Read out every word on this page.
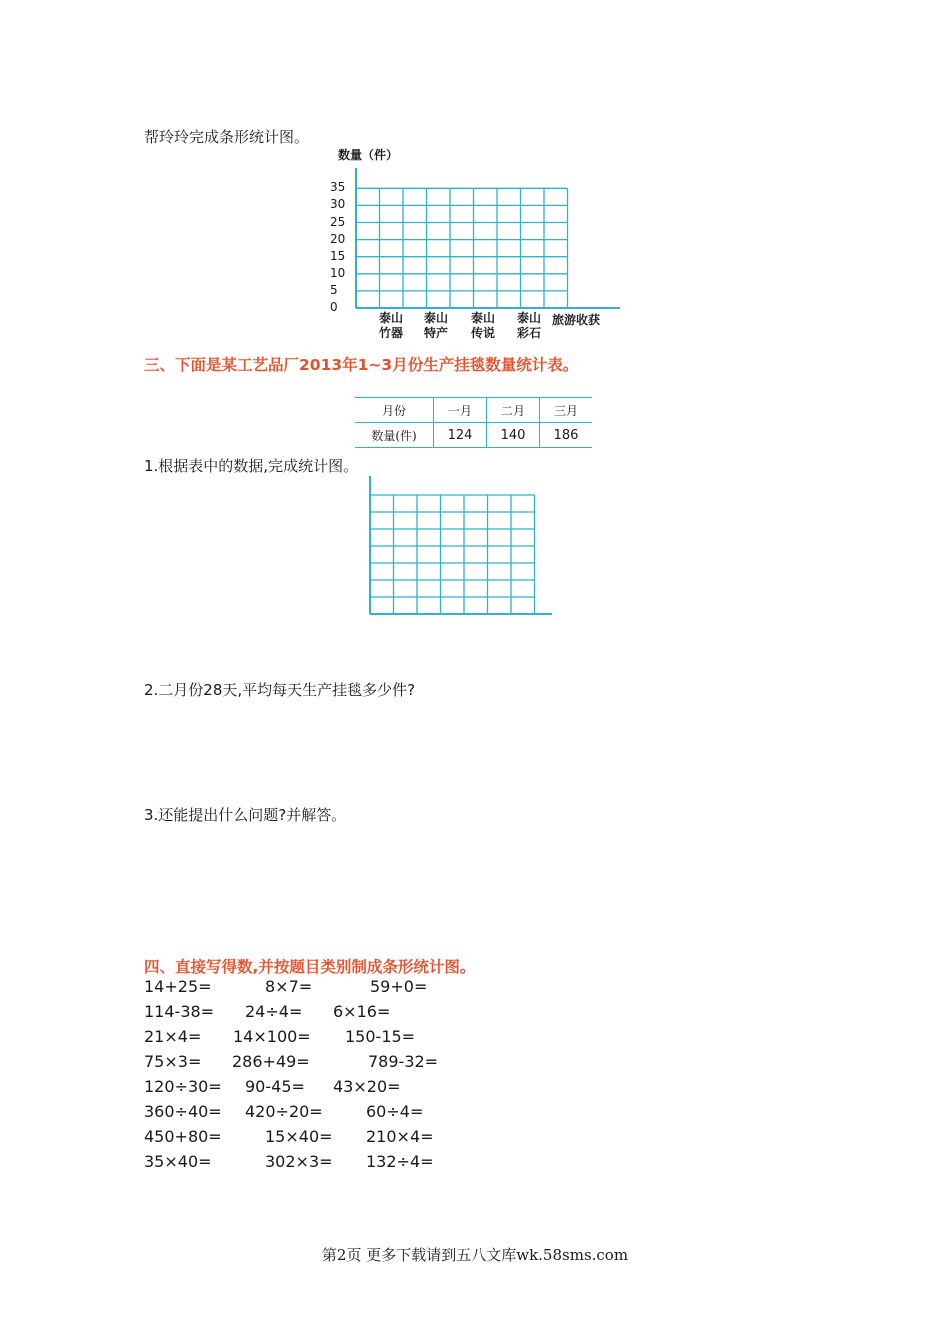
帮玲玲完成条形统计图。
数量（件）
35
30
25
20
15
10
5
0
泰山
竹器
泰山
特产
泰山
传说
泰山
彩石
旅游收获
三、下面是某工艺品厂2013年1~3月份生产挂毯数量统计表。
月份	一月	二月	三月
数量(件)	124	140	186
1.根据表中的数据,完成统计图。
2.二月份28天,平均每天生产挂毯多少件?
3.还能提出什么问题?并解答。
四、直接写得数,并按题目类别制成条形统计图。
14+25=	8×7=	59+0=
114-38= 24÷4= 6×16=
21×4= 14×100= 150-15=
75×3= 286+49=	789-32=
120÷30= 90-45= 43×20=
360÷40= 420÷20=	60÷4=
450+80=	15×40= 210×4=
35×40=	302×3= 132÷4=
第2页 更多下载请到五八文库wk.58sms.com
